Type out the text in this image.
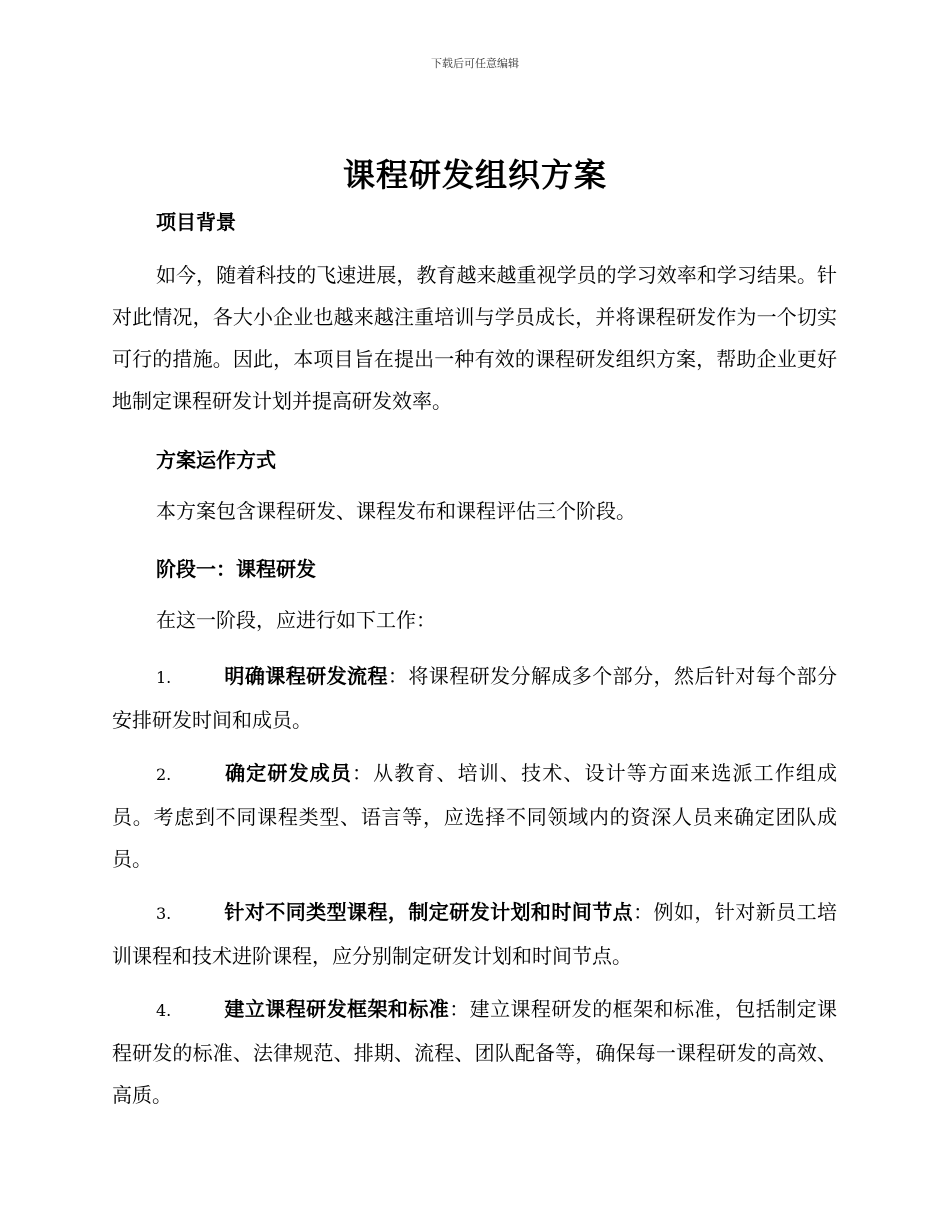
下载后可任意编辑
课程研发组织方案
项目背景
如今，随着科技的飞速进展，教育越来越重视学员的学习效率和学习结果。针对此情况，各大小企业也越来越注重培训与学员成长，并将课程研发作为一个切实可行的措施。因此，本项目旨在提出一种有效的课程研发组织方案，帮助企业更好地制定课程研发计划并提高研发效率。
方案运作方式
本方案包含课程研发、课程发布和课程评估三个阶段。
阶段一：课程研发
在这一阶段，应进行如下工作：
1.	明确课程研发流程：将课程研发分解成多个部分，然后针对每个部分安排研发时间和成员。
2.	确定研发成员：从教育、培训、技术、设计等方面来选派工作组成员。考虑到不同课程类型、语言等，应选择不同领域内的资深人员来确定团队成员。
3.	针对不同类型课程，制定研发计划和时间节点：例如，针对新员工培训课程和技术进阶课程，应分别制定研发计划和时间节点。
4.	建立课程研发框架和标准：建立课程研发的框架和标准，包括制定课程研发的标准、法律规范、排期、流程、团队配备等，确保每一课程研发的高效、高质。
